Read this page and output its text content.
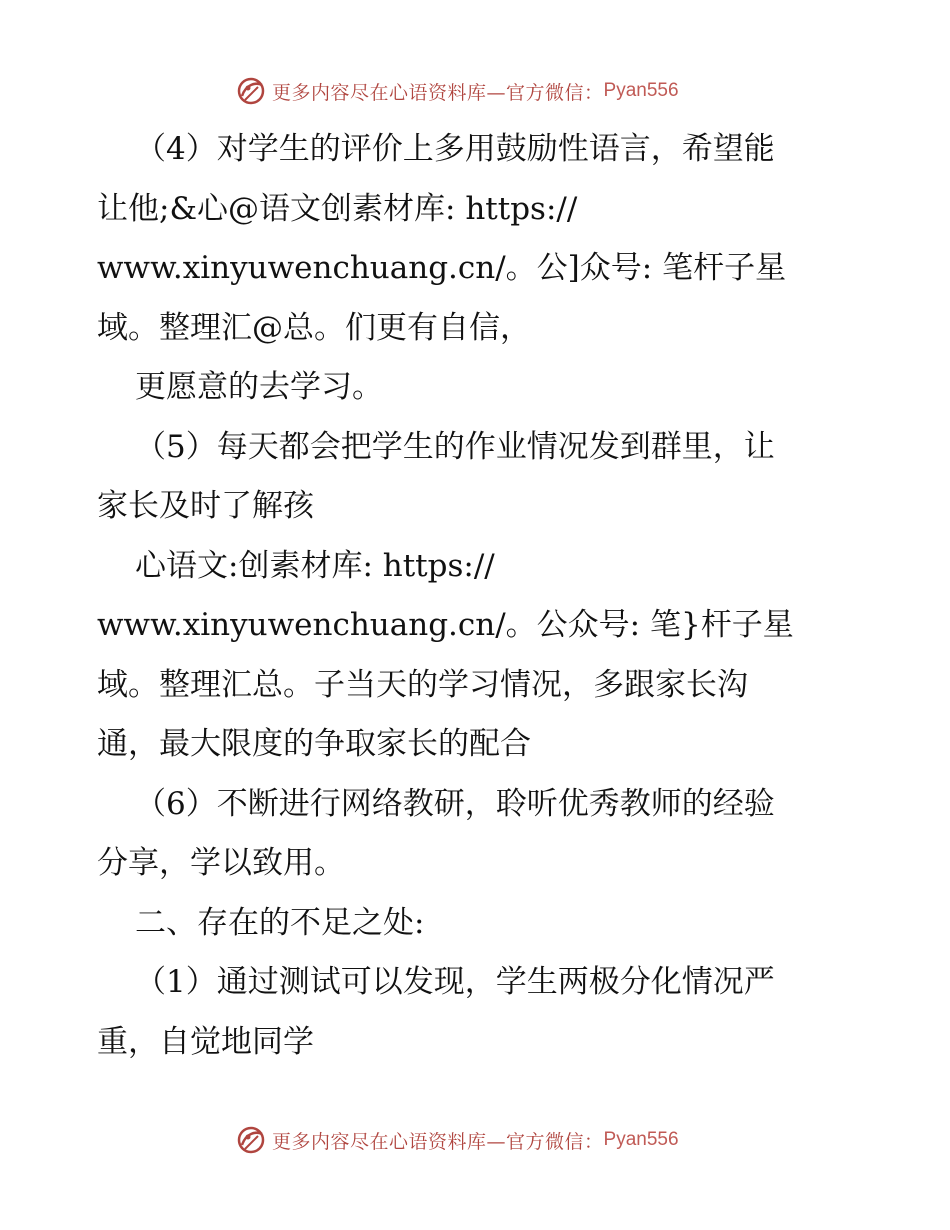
更多内容尽在心语资料库—官方微信： Pyan556
（4）对学生的评价上多用鼓励性语言，希望能
让他;&心@语文创素材库: https://
www.xinyuwenchuang.cn/。公]众号: 笔杆子星
域。整理汇@总。们更有自信，
更愿意的去学习。
（5）每天都会把学生的作业情况发到群里，让
家长及时了解孩
心语文:创素材库: https://
www.xinyuwenchuang.cn/。公众号: 笔}杆子星
域。整理汇总。子当天的学习情况，多跟家长沟
通，最大限度的争取家长的配合
（6）不断进行网络教研，聆听优秀教师的经验
分享，学以致用。
二、存在的不足之处:
（1）通过测试可以发现，学生两极分化情况严
重，自觉地同学
更多内容尽在心语资料库—官方微信： Pyan556
